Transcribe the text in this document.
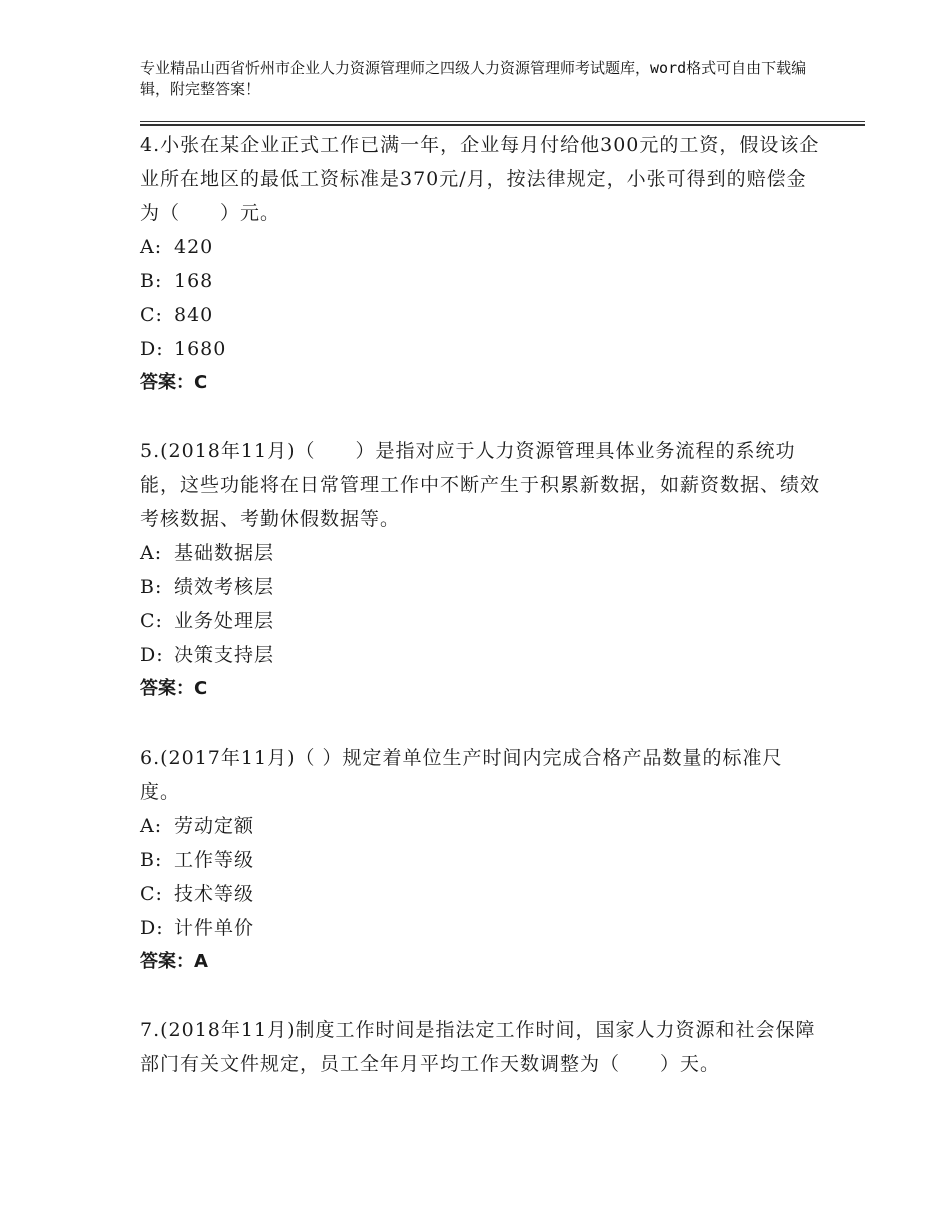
专业精品山西省忻州市企业人力资源管理师之四级人力资源管理师考试题库，word格式可自由下载编辑，附完整答案！

4.小张在某企业正式工作已满一年，企业每月付给他300元的工资，假设该企业所在地区的最低工资标准是370元/月，按法律规定，小张可得到的赔偿金为（　　）元。

A: 420

B: 168

C: 840

D: 1680

答案：C

5.(2018年11月)（　　）是指对应于人力资源管理具体业务流程的系统功能，这些功能将在日常管理工作中不断产生于积累新数据，如薪资数据、绩效考核数据、考勤休假数据等。

A: 基础数据层

B: 绩效考核层

C: 业务处理层

D: 决策支持层

答案：C

6.(2017年11月)（ ）规定着单位生产时间内完成合格产品数量的标准尺度。

A: 劳动定额

B: 工作等级

C: 技术等级

D: 计件单价

答案：A

7.(2018年11月)制度工作时间是指法定工作时间，国家人力资源和社会保障部门有关文件规定，员工全年月平均工作天数调整为（　　）天。
